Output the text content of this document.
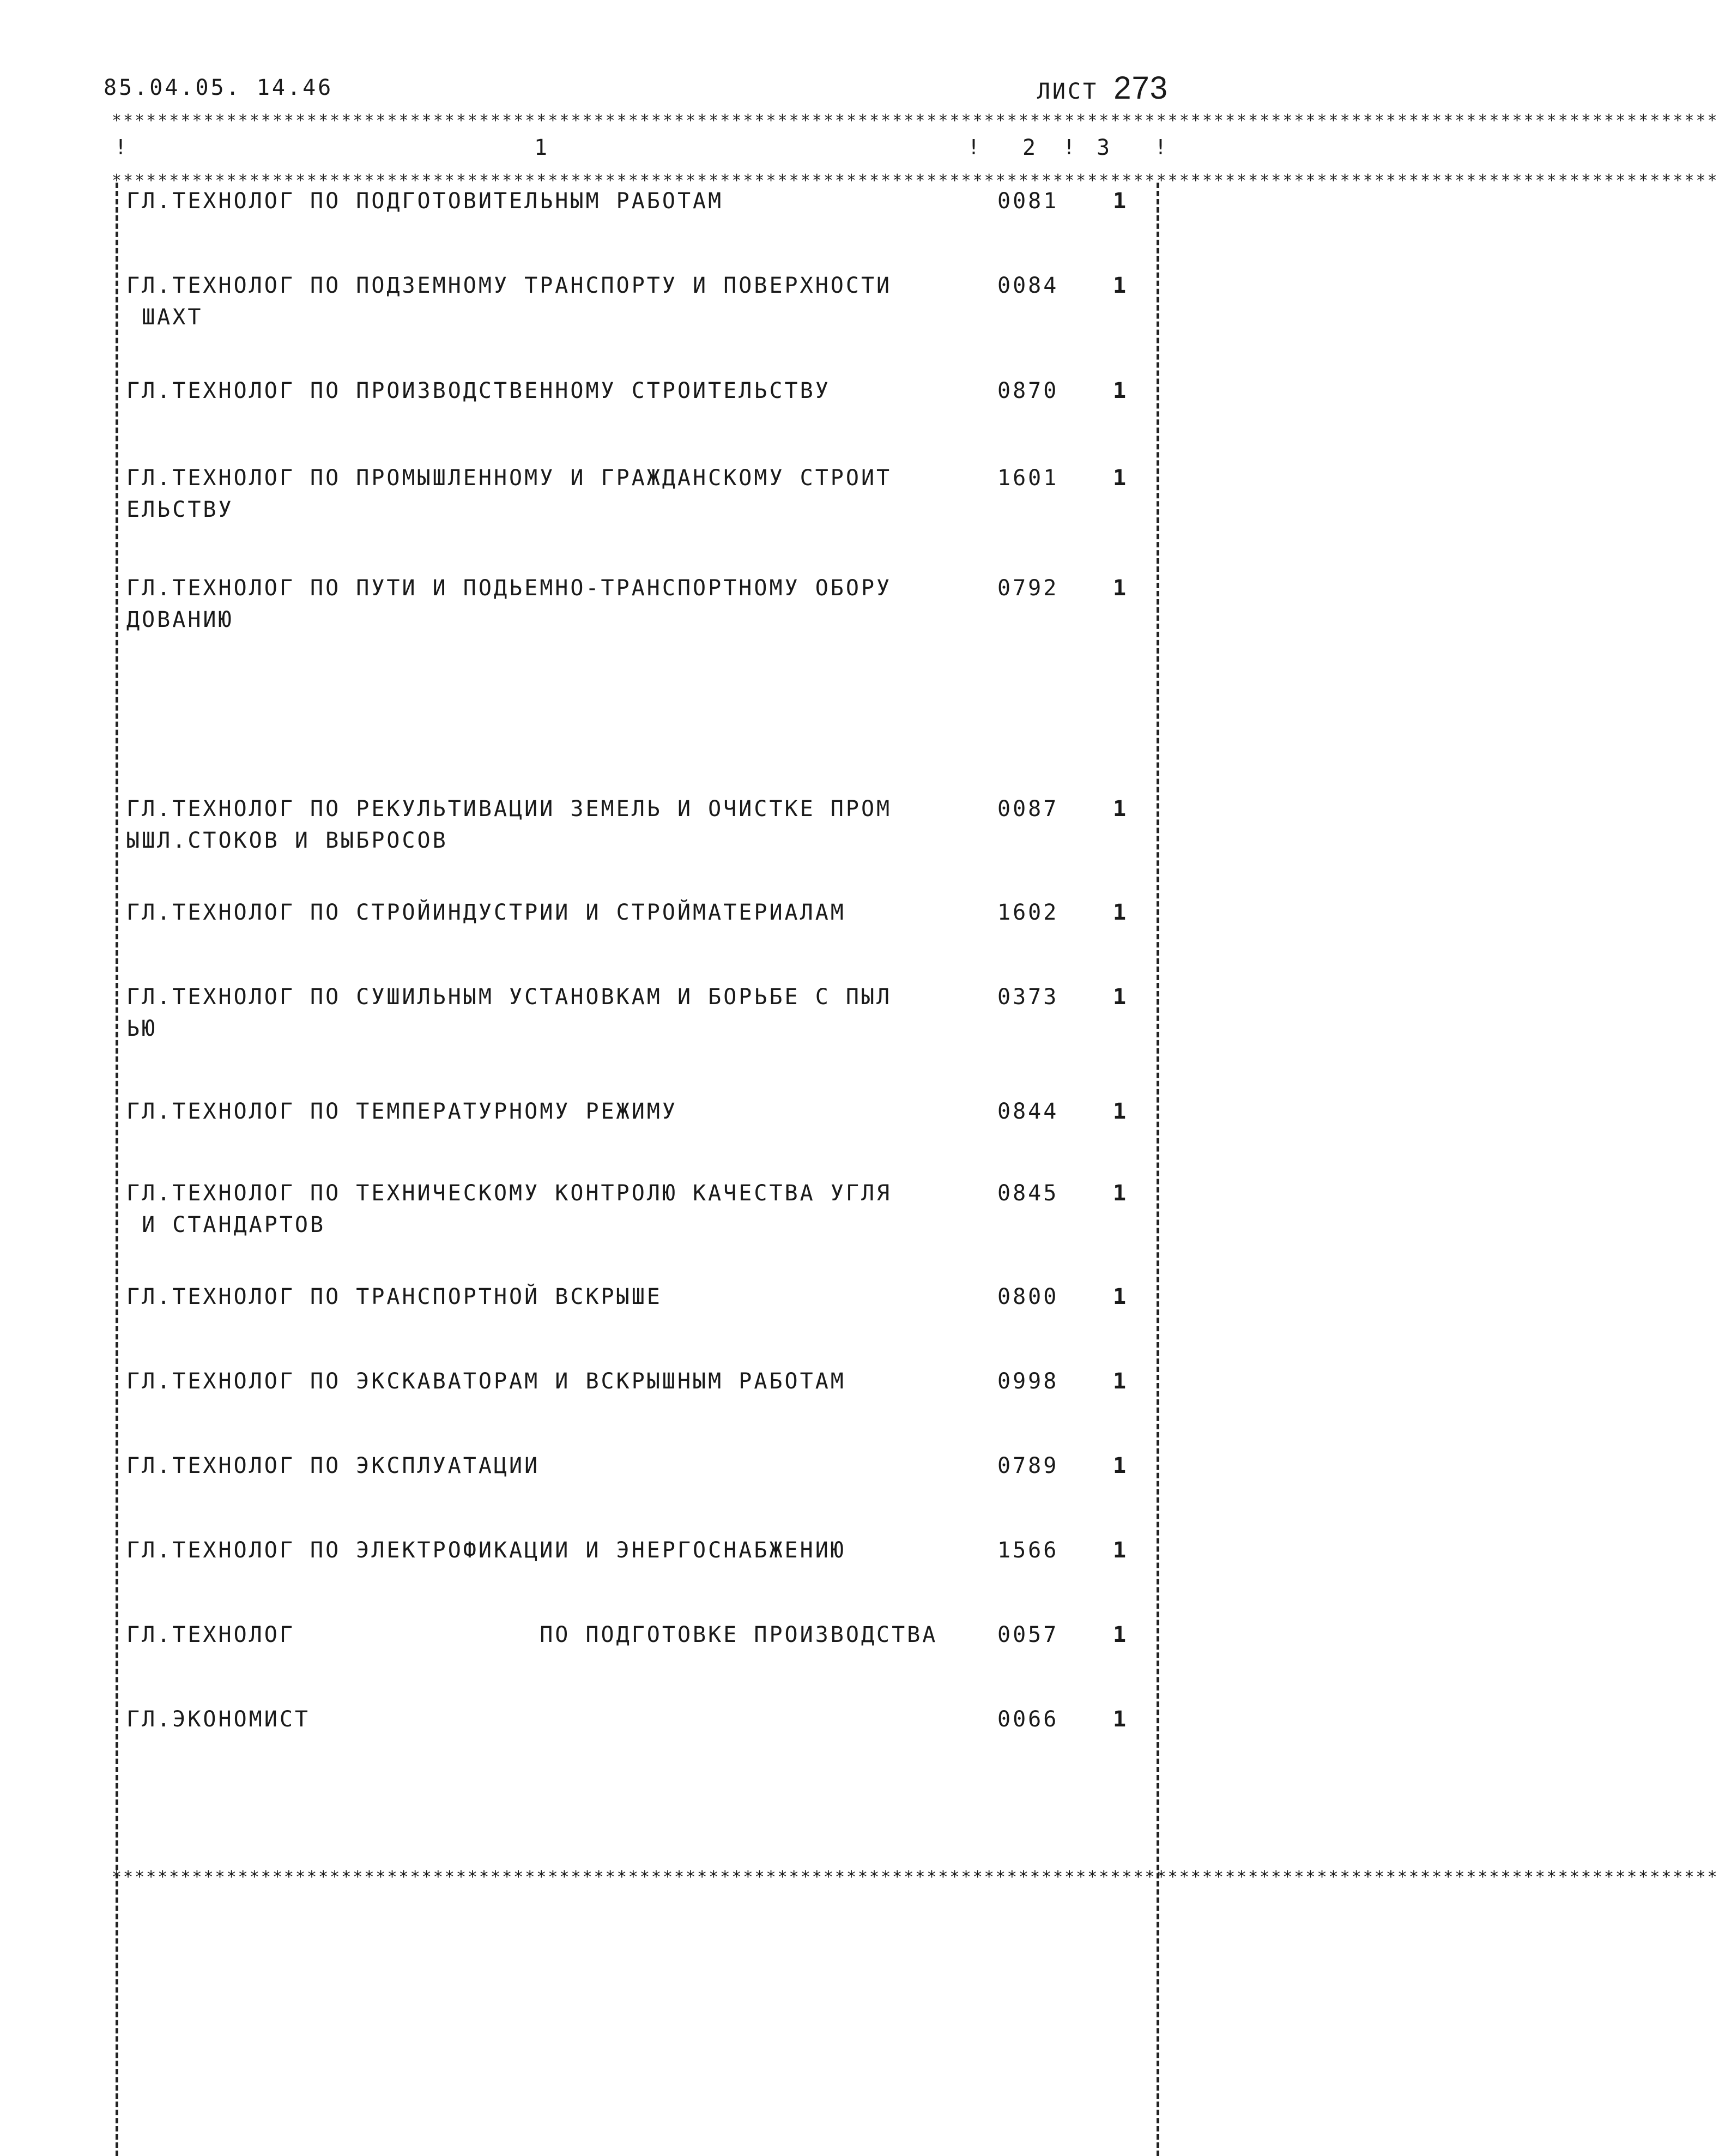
85.04.05. 14.46	ЛИСТ 273
********************************************************************************************************************************************
********************************************************************************************************************************************
********************************************************************************************************************************************
1	2	3
!	!	!	!
ГЛ.ТЕХНОЛОГ ПО ПОДГОТОВИТЕЛЬНЫМ РАБОТАМ	0081 1
ГЛ.ТЕХНОЛОГ ПО ПОДЗЕМНОМУ ТРАНСПОРТУ И ПОВЕРХНОСТИ
ШАХТ
0084 1
ГЛ.ТЕХНОЛОГ ПО ПРОИЗВОДСТВЕННОМУ СТРОИТЕЛЬСТВУ	0870 1
ГЛ.ТЕХНОЛОГ ПО ПРОМЫШЛЕННОМУ И ГРАЖДАНСКОМУ СТРОИТ
ЕЛЬСТВУ
1601 1
ГЛ.ТЕХНОЛОГ ПО ПУТИ И ПОДЬЕМНО-ТРАНСПОРТНОМУ ОБОРУ
ДОВАНИЮ
0792 1
ГЛ.ТЕХНОЛОГ ПО РЕКУЛЬТИВАЦИИ ЗЕМЕЛЬ И ОЧИСТКЕ ПРОМ
ЫШЛ.СТОКОВ И ВЫБРОСОВ
0087 1
ГЛ.ТЕХНОЛОГ ПО СТРОЙИНДУСТРИИ И СТРОЙМАТЕРИАЛАМ	1602 1
ГЛ.ТЕХНОЛОГ ПО СУШИЛЬНЫМ УСТАНОВКАМ И БОРЬБЕ С ПЫЛ
ЬЮ
0373 1
ГЛ.ТЕХНОЛОГ ПО ТЕМПЕРАТУРНОМУ РЕЖИМУ	0844 1
ГЛ.ТЕХНОЛОГ ПО ТЕХНИЧЕСКОМУ КОНТРОЛЮ КАЧЕСТВА УГЛЯ
И СТАНДАРТОВ
0845 1
ГЛ.ТЕХНОЛОГ ПО ТРАНСПОРТНОЙ ВСКРЫШЕ	0800 1
ГЛ.ТЕХНОЛОГ ПО ЭКСКАВАТОРАМ И ВСКРЫШНЫМ РАБОТАМ	0998 1
ГЛ.ТЕХНОЛОГ ПО ЭКСПЛУАТАЦИИ	0789 1
ГЛ.ТЕХНОЛОГ ПО ЭЛЕКТРОФИКАЦИИ И ЭНЕРГОСНАБЖЕНИЮ	1566 1
ГЛ.ТЕХНОЛОГ                ПО ПОДГОТОВКЕ ПРОИЗВОДСТВА	0057 1
ГЛ.ЭКОНОМИСТ	0066 1
